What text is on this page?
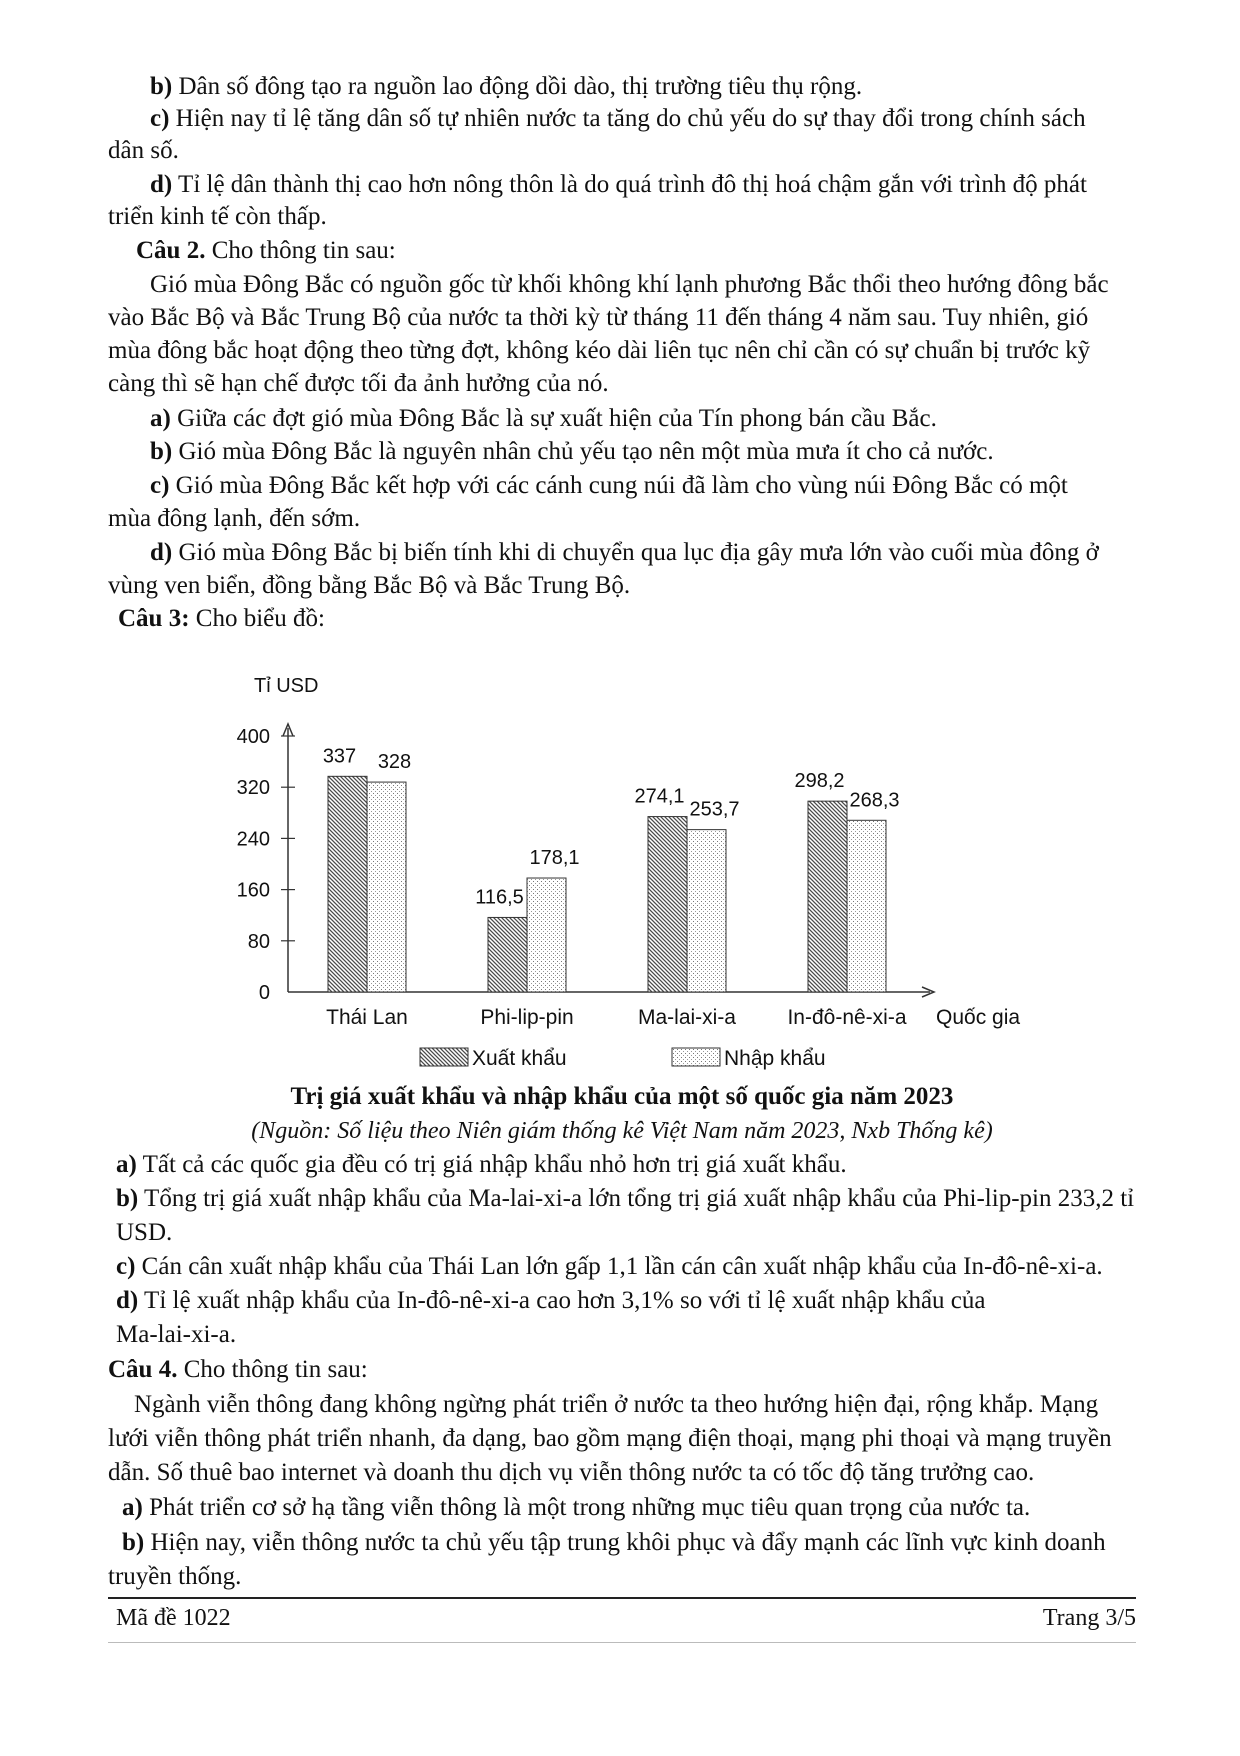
b) Dân số đông tạo ra nguồn lao động dồi dào, thị trường tiêu thụ rộng.

c) Hiện nay tỉ lệ tăng dân số tự nhiên nước ta tăng do chủ yếu do sự thay đổi trong chính sách

dân số.

d) Tỉ lệ dân thành thị cao hơn nông thôn là do quá trình đô thị hoá chậm gắn với trình độ phát

triển kinh tế còn thấp.

Câu 2. Cho thông tin sau:

Gió mùa Đông Bắc có nguồn gốc từ khối không khí lạnh phương Bắc thổi theo hướng đông bắc

vào Bắc Bộ và Bắc Trung Bộ của nước ta thời kỳ từ tháng 11 đến tháng 4 năm sau. Tuy nhiên, gió

mùa đông bắc hoạt động theo từng đợt, không kéo dài liên tục nên chỉ cần có sự chuẩn bị trước kỹ

càng thì sẽ hạn chế được tối đa ảnh hưởng của nó.

a) Giữa các đợt gió mùa Đông Bắc là sự xuất hiện của Tín phong bán cầu Bắc.

b) Gió mùa Đông Bắc là nguyên nhân chủ yếu tạo nên một mùa mưa ít cho cả nước.

c) Gió mùa Đông Bắc kết hợp với các cánh cung núi đã làm cho vùng núi Đông Bắc có một

mùa đông lạnh, đến sớm.

d) Gió mùa Đông Bắc bị biến tính khi di chuyển qua lục địa gây mưa lớn vào cuối mùa đông ở

vùng ven biển, đồng bằng Bắc Bộ và Bắc Trung Bộ.

Câu 3: Cho biểu đồ:

0
80
160
240
320
400
Tỉ USD
Quốc gia
337 328
Thái Lan
116,5
178,1
Phi-lip-pin
274,1
253,7
Ma-lai-xi-a
298,2
268,3
In-đô-nê-xi-a
Xuất khẩu	Nhập khẩu

Trị giá xuất khẩu và nhập khẩu của một số quốc gia năm 2023

(Nguồn: Số liệu theo Niên giám thống kê Việt Nam năm 2023, Nxb Thống kê)

a) Tất cả các quốc gia đều có trị giá nhập khẩu nhỏ hơn trị giá xuất khẩu.

b) Tổng trị giá xuất nhập khẩu của Ma-lai-xi-a lớn tổng trị giá xuất nhập khẩu của Phi-lip-pin 233,2 tỉ

USD.

c) Cán cân xuất nhập khẩu của Thái Lan lớn gấp 1,1 lần cán cân xuất nhập khẩu của In-đô-nê-xi-a.

d) Tỉ lệ xuất nhập khẩu của In-đô-nê-xi-a cao hơn 3,1% so với tỉ lệ xuất nhập khẩu của

Ma-lai-xi-a.

Câu 4. Cho thông tin sau:

Ngành viễn thông đang không ngừng phát triển ở nước ta theo hướng hiện đại, rộng khắp. Mạng

lưới viễn thông phát triển nhanh, đa dạng, bao gồm mạng điện thoại, mạng phi thoại và mạng truyền

dẫn. Số thuê bao internet và doanh thu dịch vụ viễn thông nước ta có tốc độ tăng trưởng cao.

a) Phát triển cơ sở hạ tầng viễn thông là một trong những mục tiêu quan trọng của nước ta.

b) Hiện nay, viễn thông nước ta chủ yếu tập trung khôi phục và đẩy mạnh các lĩnh vực kinh doanh

truyền thống.

Mã đề 1022	Trang 3/5
